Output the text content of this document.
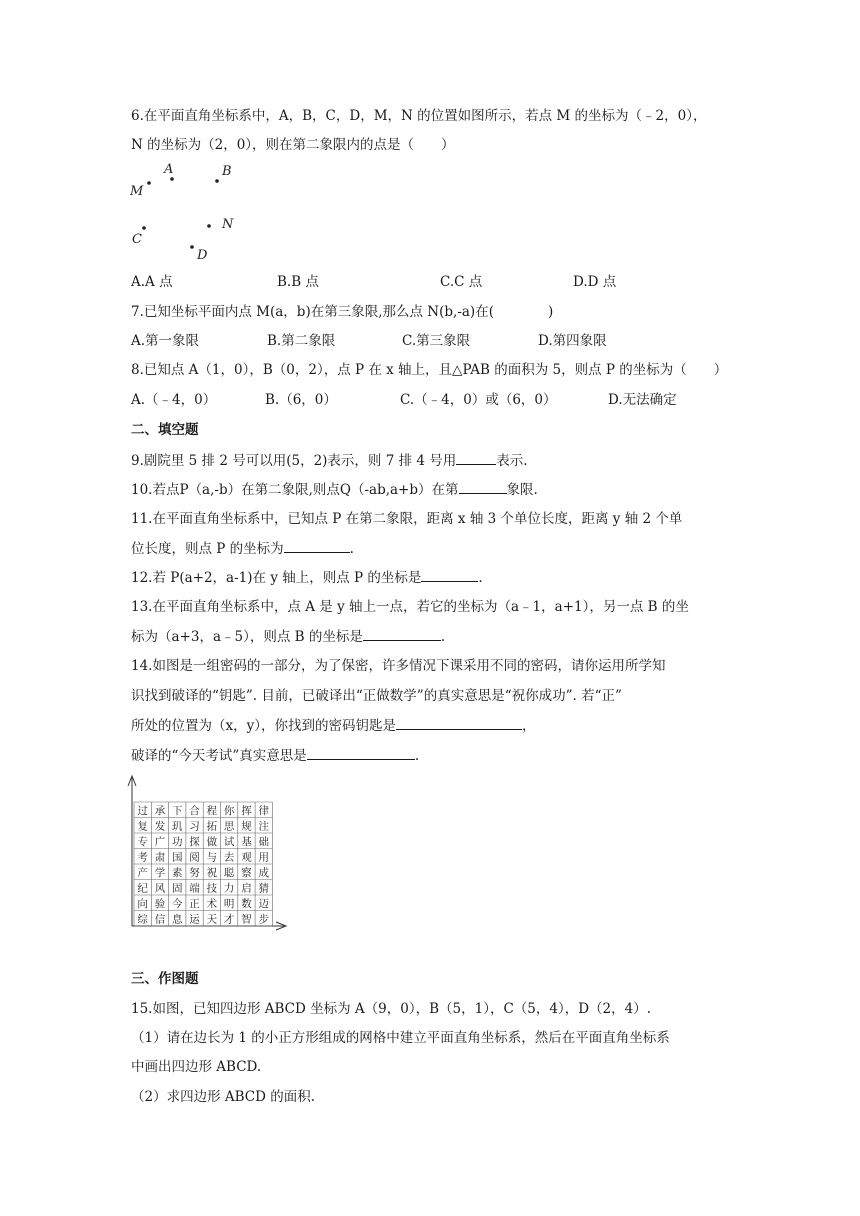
6.在平面直角坐标系中，A，B，C，D，M，N 的位置如图所示，若点 M 的坐标为（﹣2，0），
N 的坐标为（2，0），则在第二象限内的点是（　　）
M
A	B
C
N
D
A.A 点	B.B 点	C.C 点	D.D 点
7.已知坐标平面内点 M(a，b)在第三象限,那么点 N(b,-a)在(　　　　)
A.第一象限	B.第二象限	C.第三象限	D.第四象限
8.已知点 A（1，0），B（0，2），点 P 在 x 轴上，且△PAB 的面积为 5，则点 P 的坐标为（　　）
A.（﹣4，0）	B.（6，0）	C.（﹣4，0）或（6，0）	D.无法确定
二、填空题
9.剧院里 5 排 2 号可以用(5，2)表示，则 7 排 4 号用	表示.
10.若点P（a,-b）在第二象限,则点Q（-ab,a+b）在第	象限.
11.在平面直角坐标系中，已知点 P 在第二象限，距离 x 轴 3 个单位长度，距离 y 轴 2 个单
位长度，则点 P 的坐标为	.
12.若 P(a+2，a-1)在 y 轴上，则点 P 的坐标是	.
13.在平面直角坐标系中，点 A 是 y 轴上一点，若它的坐标为（a﹣1，a+1），另一点 B 的坐
标为（a+3，a﹣5），则点 B 的坐标是	.
14.如图是一组密码的一部分，为了保密，许多情况下课采用不同的密码，请你运用所学知
识找到破译的“钥匙”. 目前，已破译出“正做数学”的真实意思是“祝你成功”. 若“正”
所处的位置为（x，y），你找到的密码钥匙是	，
破译的“今天考试”真实意思是	.
过 承 下 合 程 你 挥 律
复 发 玑 习 拓 思 规 注
专 广 功 探 做 试 基 础
考 肃 国 阅 与 去 观 用
产 学 素 努 祝 聪 察 成
纪 风 固 端 技 力 启 猜
向 验 今 正 术 明 数 迈
综 信 息 运 天 才 智 步
三、作图题
15.如图，已知四边形 ABCD 坐标为 A（9，0），B（5，1），C（5，4），D（2，4）.
（1）请在边长为 1 的小正方形组成的网格中建立平面直角坐标系，然后在平面直角坐标系
中画出四边形 ABCD.
（2）求四边形 ABCD 的面积.
